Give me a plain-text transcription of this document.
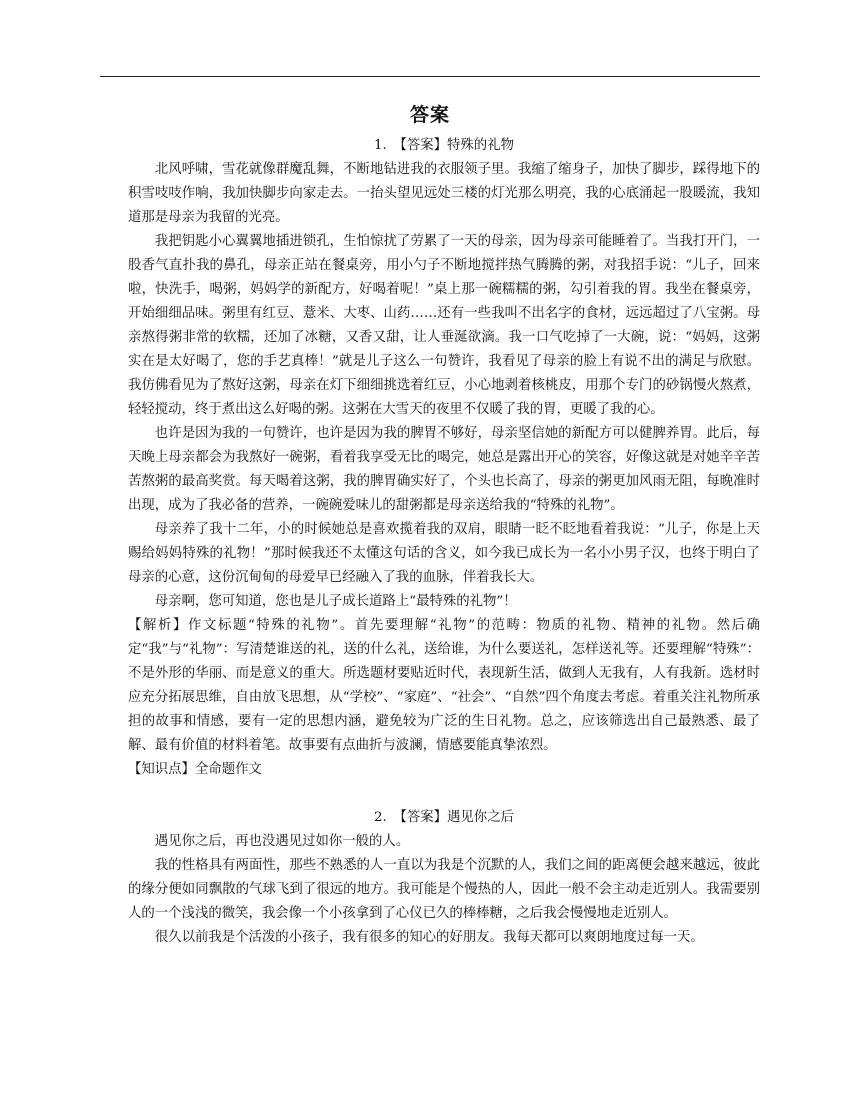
答案
1.　【答案】特殊的礼物

北风呼啸，雪花就像群魔乱舞，不断地钻进我的衣服领子里。我缩了缩身子，加快了脚步，踩得地下的积雪吱吱作响，我加快脚步向家走去。一抬头望见远处三楼的灯光那么明亮，我的心底涌起一股暖流，我知道那是母亲为我留的光亮。

我把钥匙小心翼翼地插进锁孔，生怕惊扰了劳累了一天的母亲，因为母亲可能睡着了。当我打开门，一股香气直扑我的鼻孔，母亲正站在餐桌旁，用小勺子不断地搅拌热气腾腾的粥，对我招手说：“儿子，回来啦，快洗手，喝粥，妈妈学的新配方，好喝着呢！”桌上那一碗糯糯的粥，勾引着我的胃。我坐在餐桌旁，开始细细品味。粥里有红豆、薏米、大枣、山药……还有一些我叫不出名字的食材，远远超过了八宝粥。母亲熬得粥非常的软糯，还加了冰糖，又香又甜，让人垂涎欲滴。我一口气吃掉了一大碗，说：“妈妈，这粥实在是太好喝了，您的手艺真棒！”就是儿子这么一句赞许，我看见了母亲的脸上有说不出的满足与欣慰。我仿佛看见为了熬好这粥，母亲在灯下细细挑选着红豆，小心地剥着核桃皮，用那个专门的砂锅慢火熬煮，轻轻搅动，终于煮出这么好喝的粥。这粥在大雪天的夜里不仅暖了我的胃，更暖了我的心。

也许是因为我的一句赞许，也许是因为我的脾胃不够好，母亲坚信她的新配方可以健脾养胃。此后，每天晚上母亲都会为我熬好一碗粥，看着我享受无比的喝完，她总是露出开心的笑容，好像这就是对她辛辛苦苦熬粥的最高奖赏。每天喝着这粥，我的脾胃确实好了，个头也长高了，母亲的粥更加风雨无阻，每晚准时出现，成为了我必备的营养，一碗碗爱味儿的甜粥都是母亲送给我的“特殊的礼物”。

母亲养了我十二年，小的时候她总是喜欢揽着我的双肩，眼睛一眨不眨地看着我说：“儿子，你是上天赐给妈妈特殊的礼物！”那时候我还不太懂这句话的含义，如今我已成长为一名小小男子汉，也终于明白了母亲的心意，这份沉甸甸的母爱早已经融入了我的血脉，伴着我长大。

母亲啊，您可知道，您也是儿子成长道路上“最特殊的礼物”！

【解析】作文标题“特殊的礼物”。首先要理解“礼物”的范畴：物质的礼物、精神的礼物。然后确定“我”与“礼物”：写清楚谁送的礼，送的什么礼，送给谁，为什么要送礼，怎样送礼等。还要理解“特殊”：不是外形的华丽、而是意义的重大。所选题材要贴近时代，表现新生活，做到人无我有，人有我新。选材时应充分拓展思维，自由放飞思想，从“学校”、“家庭”、“社会”、“自然”四个角度去考虑。着重关注礼物所承担的故事和情感，要有一定的思想内涵，避免较为广泛的生日礼物。总之，应该筛选出自己最熟悉、最了解、最有价值的材料着笔。故事要有点曲折与波澜，情感要能真挚浓烈。

【知识点】全命题作文

2.　【答案】遇见你之后

遇见你之后，再也没遇见过如你一般的人。

我的性格具有两面性，那些不熟悉的人一直以为我是个沉默的人，我们之间的距离便会越来越远，彼此的缘分便如同飘散的气球飞到了很远的地方。我可能是个慢热的人，因此一般不会主动走近别人。我需要别人的一个浅浅的微笑，我会像一个小孩拿到了心仪已久的棒棒糖，之后我会慢慢地走近别人。

很久以前我是个活泼的小孩子，我有很多的知心的好朋友。我每天都可以爽朗地度过每一天。
